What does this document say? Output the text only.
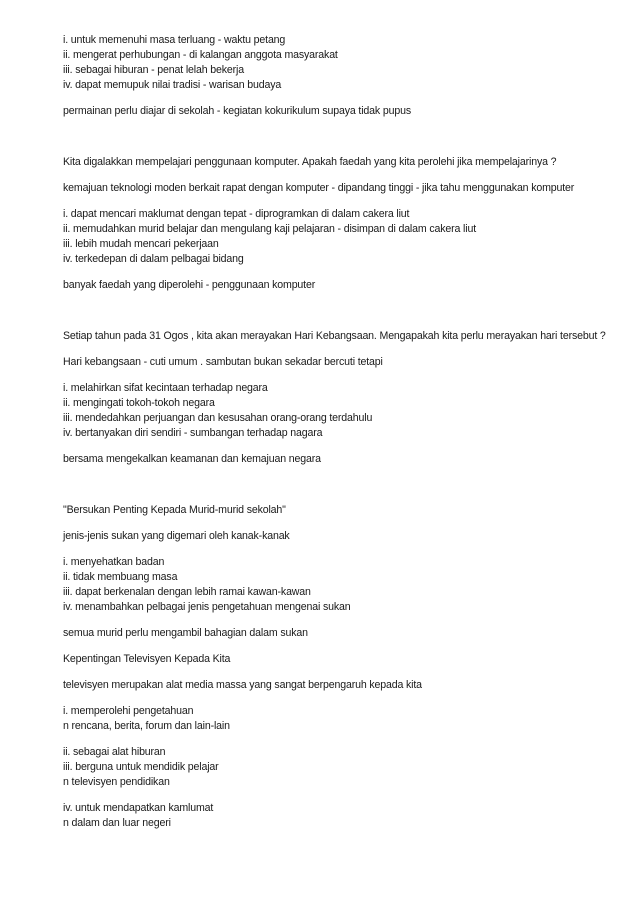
i. untuk memenuhi masa terluang - waktu petang
ii. mengerat perhubungan - di kalangan anggota masyarakat
iii. sebagai hiburan - penat lelah bekerja
iv. dapat memupuk nilai tradisi - warisan budaya
permainan perlu diajar di sekolah - kegiatan kokurikulum supaya tidak pupus
Kita digalakkan mempelajari penggunaan komputer. Apakah faedah yang kita perolehi jika mempelajarinya ?
kemajuan teknologi moden berkait rapat dengan komputer - dipandang tinggi - jika tahu menggunakan komputer
i. dapat mencari maklumat dengan tepat - diprogramkan di dalam cakera liut
ii. memudahkan murid belajar dan mengulang kaji pelajaran - disimpan di dalam cakera liut
iii. lebih mudah mencari pekerjaan
iv. terkedepan di dalam pelbagai bidang
banyak faedah yang diperolehi - penggunaan komputer
Setiap tahun pada 31 Ogos , kita akan merayakan Hari Kebangsaan. Mengapakah kita perlu merayakan hari tersebut ?
Hari kebangsaan - cuti umum . sambutan bukan sekadar bercuti tetapi
i. melahirkan sifat kecintaan terhadap negara
ii. mengingati tokoh-tokoh negara
iii. mendedahkan perjuangan dan kesusahan orang-orang terdahulu
iv. bertanyakan diri sendiri - sumbangan terhadap nagara
bersama mengekalkan keamanan dan kemajuan negara
"Bersukan Penting Kepada Murid-murid sekolah"
jenis-jenis sukan yang digemari oleh kanak-kanak
i. menyehatkan badan
ii. tidak membuang masa
iii. dapat berkenalan dengan lebih ramai kawan-kawan
iv. menambahkan pelbagai jenis pengetahuan mengenai sukan
semua murid perlu mengambil bahagian dalam sukan
Kepentingan Televisyen Kepada Kita
televisyen merupakan alat media massa yang sangat berpengaruh kepada kita
i. memperolehi pengetahuan
n rencana, berita, forum dan lain-lain
ii. sebagai alat hiburan
iii. berguna untuk mendidik pelajar
n televisyen pendidikan
iv. untuk mendapatkan kamlumat
n dalam dan luar negeri
